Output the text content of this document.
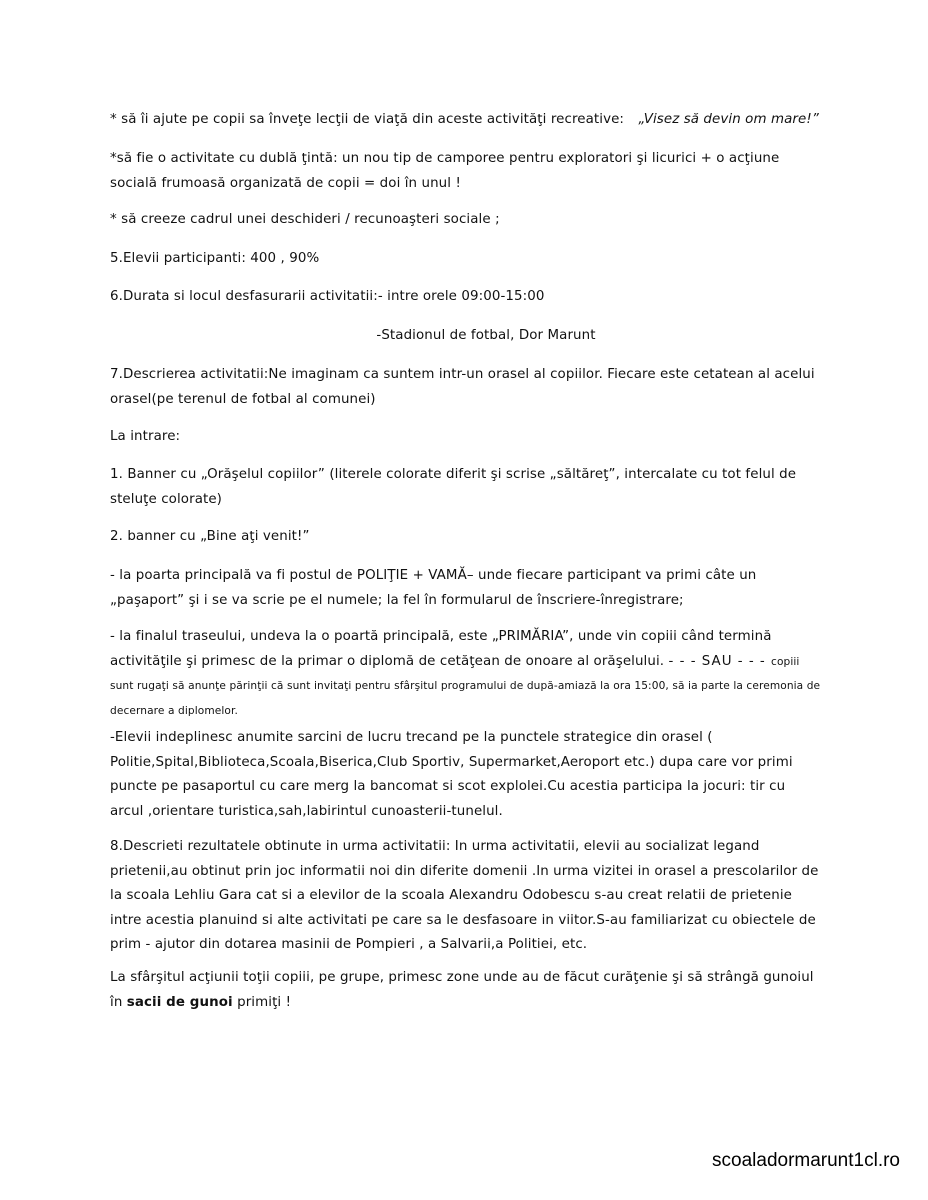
* să îi ajute pe copii sa înveţe lecţii de viaţă din aceste activităţi recreative: „Visez să devin om mare!”
*să fie o activitate cu dublă ţintă: un nou tip de camporee pentru exploratori şi licurici + o acţiune socială frumoasă organizată de copii = doi în unul !
* să creeze cadrul unei deschideri / recunoaşteri sociale ;
5.Elevii participanti: 400 , 90%
6.Durata si locul desfasurarii activitatii:- intre orele 09:00-15:00
-Stadionul de fotbal, Dor Marunt
7.Descrierea activitatii:Ne imaginam ca suntem intr-un orasel al copiilor. Fiecare este cetatean al acelui orasel(pe terenul de fotbal al comunei)
La intrare:
1. Banner cu „Orăşelul copiilor” (literele colorate diferit şi scrise „săltăreţ”, intercalate cu tot felul de steluţe colorate)
2. banner cu „Bine aţi venit!”
- la poarta principală va fi postul de POLIŢIE + VAMĂ– unde fiecare participant va primi câte un „paşaport” şi i se va scrie pe el numele; la fel în formularul de înscriere-înregistrare;
- la finalul traseului, undeva la o poartă principală, este „PRIMĂRIA”, unde vin copiii când termină activităţile şi primesc de la primar o diplomă de cetăţean de onoare al orăşelului. - - - SAU - - - copiii sunt rugaţi să anunţe părinţii că sunt invitaţi pentru sfârşitul programului de după-amiază la ora 15:00, să ia parte la ceremonia de decernare a diplomelor.
-Elevii indeplinesc anumite sarcini de lucru trecand pe la punctele strategice din orasel ( Politie,Spital,Biblioteca,Scoala,Biserica,Club Sportiv, Supermarket,Aeroport etc.) dupa care vor primi puncte pe pasaportul cu care merg la bancomat si scot explolei.Cu acestia participa la jocuri: tir cu arcul ,orientare turistica,sah,labirintul cunoasterii-tunelul.
8.Descrieti rezultatele obtinute in urma activitatii: In urma activitatii, elevii au socializat legand prietenii,au obtinut prin joc informatii noi din diferite domenii .In urma vizitei in orasel a prescolarilor de la scoala Lehliu Gara cat si a elevilor de la scoala Alexandru Odobescu s-au creat relatii de prietenie intre acestia planuind si alte activitati pe care sa le desfasoare in viitor.S-au familiarizat cu obiectele de prim - ajutor din dotarea masinii de Pompieri , a Salvarii,a Politiei, etc.
La sfârşitul acţiunii toţii copiii, pe grupe, primesc zone unde au de făcut curăţenie şi să strângă gunoiul în sacii de gunoi primiţi !
scoaladormarunt1cl.ro
